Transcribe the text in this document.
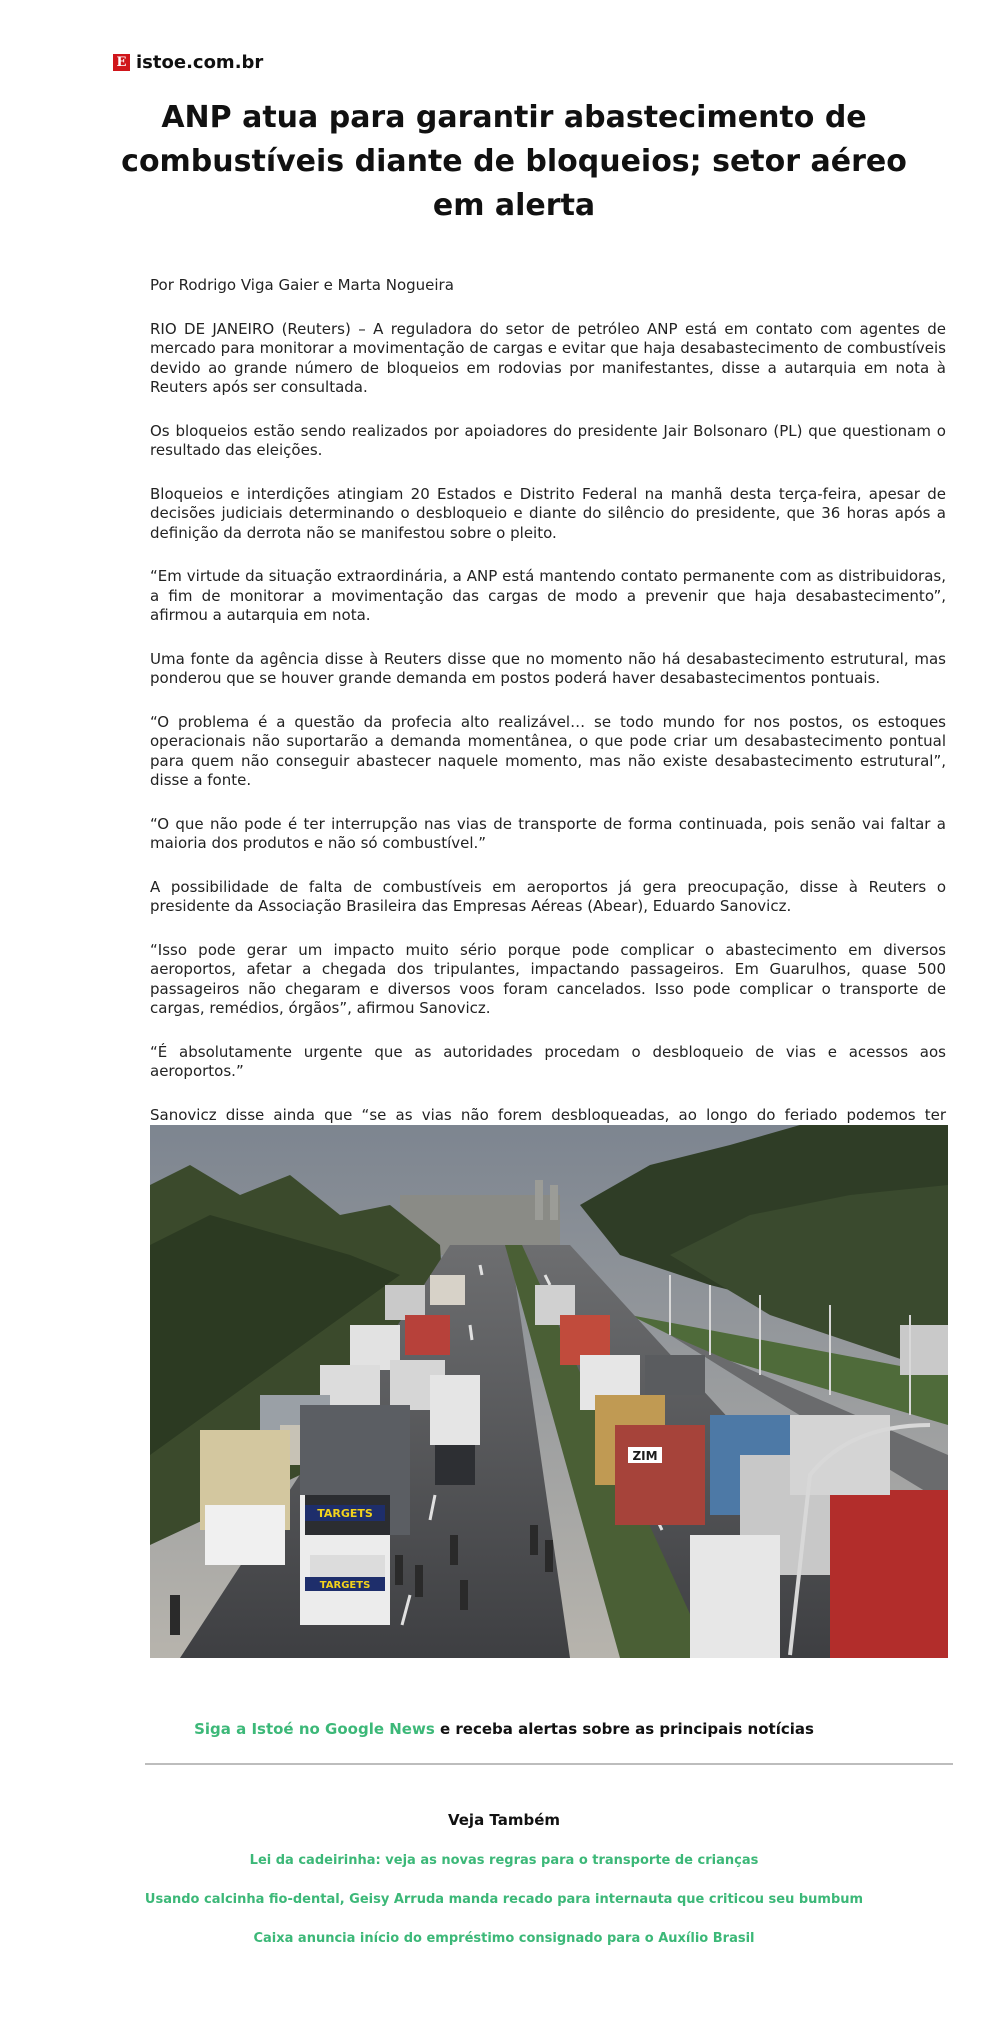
E istoe.com.br
ANP atua para garantir abastecimento de combustíveis diante de bloqueios; setor aéreo em alerta

Por Rodrigo Viga Gaier e Marta Nogueira

RIO DE JANEIRO (Reuters) – A reguladora do setor de petróleo ANP está em contato com agentes de mercado para monitorar a movimentação de cargas e evitar que haja desabastecimento de combustíveis devido ao grande número de bloqueios em rodovias por manifestantes, disse a autarquia em nota à Reuters após ser consultada.

Os bloqueios estão sendo realizados por apoiadores do presidente Jair Bolsonaro (PL) que questionam o resultado das eleições.

Bloqueios e interdições atingiam 20 Estados e Distrito Federal na manhã desta terça-feira, apesar de decisões judiciais determinando o desbloqueio e diante do silêncio do presidente, que 36 horas após a definição da derrota não se manifestou sobre o pleito.

“Em virtude da situação extraordinária, a ANP está mantendo contato permanente com as distribuidoras, a fim de monitorar a movimentação das cargas de modo a prevenir que haja desabastecimento”, afirmou a autarquia em nota.

Uma fonte da agência disse à Reuters disse que no momento não há desabastecimento estrutural, mas ponderou que se houver grande demanda em postos poderá haver desabastecimentos pontuais.

“O problema é a questão da profecia alto realizável… se todo mundo for nos postos, os estoques operacionais não suportarão a demanda momentânea, o que pode criar um desabastecimento pontual para quem não conseguir abastecer naquele momento, mas não existe desabastecimento estrutural”, disse a fonte.

“O que não pode é ter interrupção nas vias de transporte de forma continuada, pois senão vai faltar a maioria dos produtos e não só combustível.”

A possibilidade de falta de combustíveis em aeroportos já gera preocupação, disse à Reuters o presidente da Associação Brasileira das Empresas Aéreas (Abear), Eduardo Sanovicz.

“Isso pode gerar um impacto muito sério porque pode complicar o abastecimento em diversos aeroportos, afetar a chegada dos tripulantes, impactando passageiros. Em Guarulhos, quase 500 passageiros não chegaram e diversos voos foram cancelados. Isso pode complicar o transporte de cargas, remédios, órgãos”, afirmou Sanovicz.

“É absolutamente urgente que as autoridades procedam o desbloqueio de vias e acessos aos aeroportos.”

Sanovicz disse ainda que “se as vias não forem desbloqueadas, ao longo do feriado podemos ter

TARGETS
TARGETS
ZIM
Siga a Istoé no Google News e receba alertas sobre as principais notícias
Veja Também
Lei da cadeirinha: veja as novas regras para o transporte de crianças
Usando calcinha fio-dental, Geisy Arruda manda recado para internauta que criticou seu bumbum
Caixa anuncia início do empréstimo consignado para o Auxílio Brasil
